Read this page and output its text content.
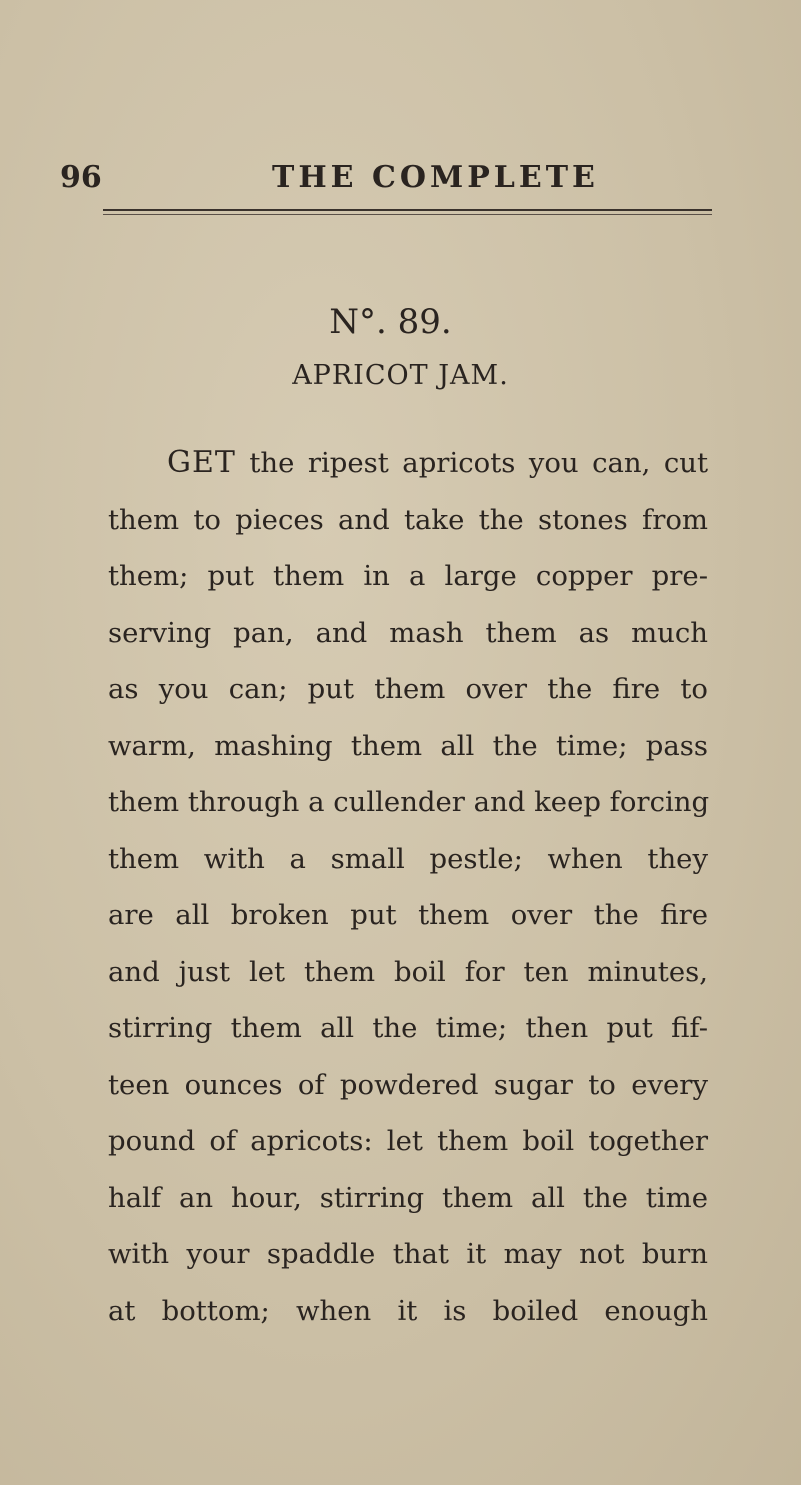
96	THE COMPLETE
N°. 89.
APRICOT JAM.
GET the ripest apricots you can, cut
them to pieces and take the stones from
them; put them in a large copper pre-
serving pan, and mash them as much
as you can; put them over the fire to
warm, mashing them all the time; pass
them through a cullender and keep forcing
them with a small pestle; when they
are all broken put them over the fire
and just let them boil for ten minutes,
stirring them all the time; then put fif-
teen ounces of powdered sugar to every
pound of apricots: let them boil together
half an hour, stirring them all the time
with your spaddle that it may not burn
at bottom; when it is boiled enough
